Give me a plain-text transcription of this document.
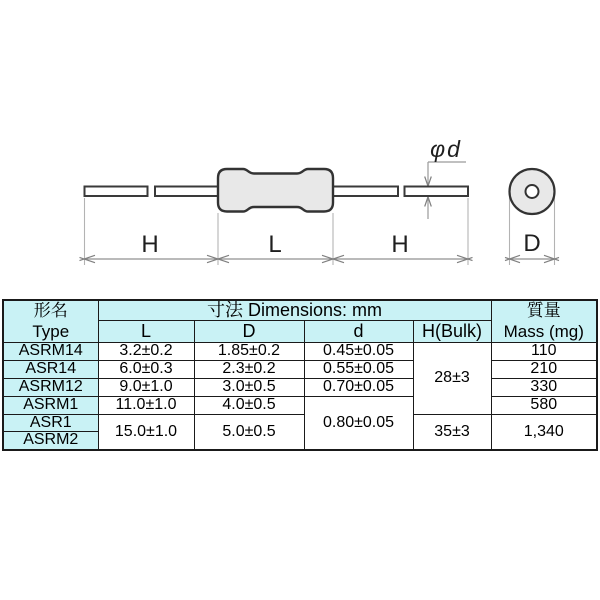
φd
H	L	H	D
形名
Type	寸法 Dimensions: mm				質量
Mass (mg)

	L	D	d	H(Bulk)	
ASRM14	3.2±0.2	1.85±0.2	0.45±0.05	28±3	110
ASR14	6.0±0.3	2.3±0.2	0.55±0.05		210
ASRM12	9.0±1.0	3.0±0.5	0.70±0.05		330
ASRM1	11.0±1.0	4.0±0.5	0.80±0.05		580
ASR1	15.0±1.0	5.0±0.5		35±3	1,340
ASRM2					
